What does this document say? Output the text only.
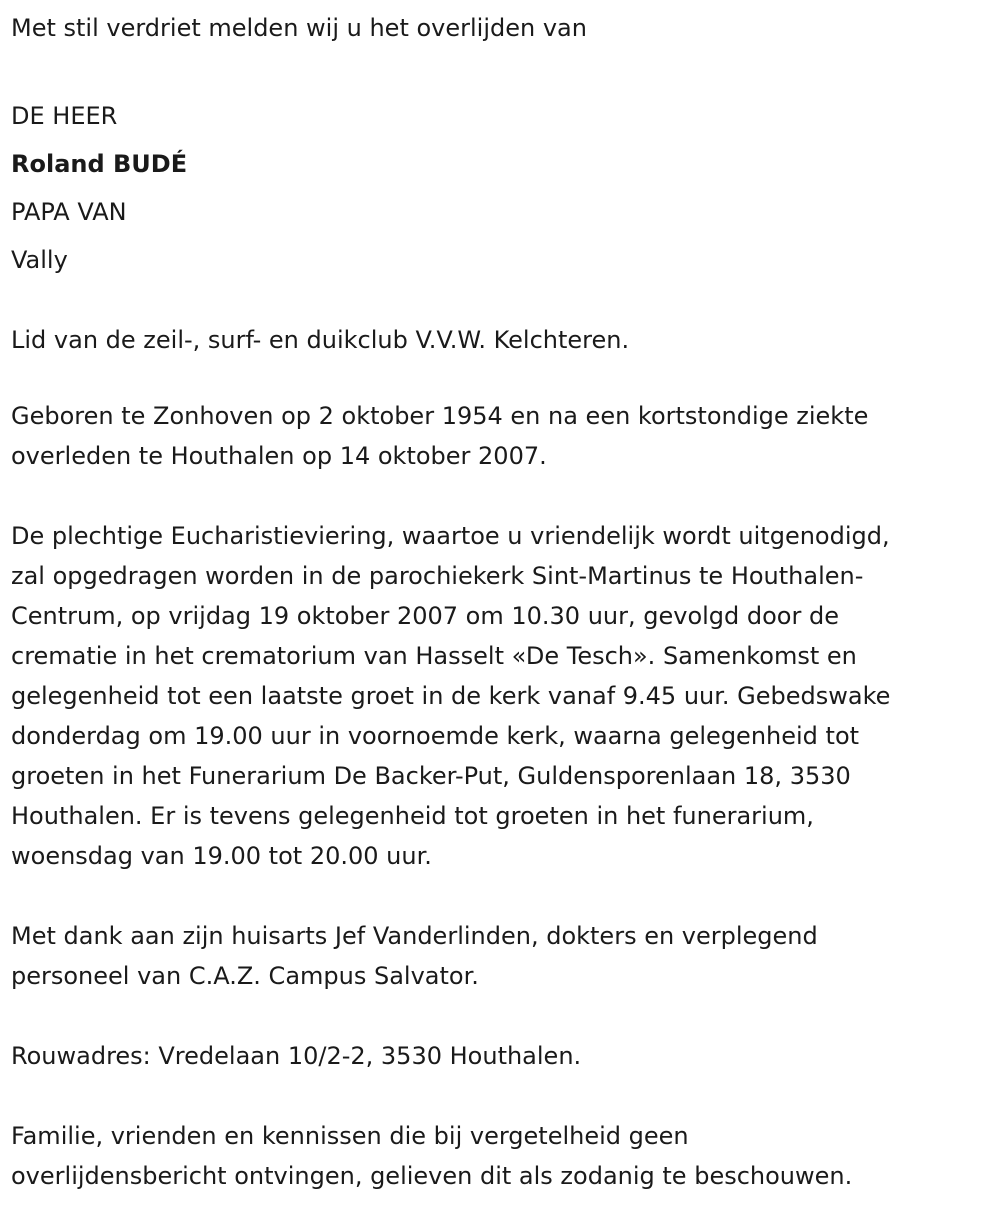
Met stil verdriet melden wij u het overlijden van
DE HEER
Roland BUDÉ
PAPA VAN
Vally
Lid van de zeil-, surf- en duikclub V.V.W. Kelchteren.
Geboren te Zonhoven op 2 oktober 1954 en na een kortstondige ziekte
overleden te Houthalen op 14 oktober 2007.
De plechtige Eucharistieviering, waartoe u vriendelijk wordt uitgenodigd,
zal opgedragen worden in de parochiekerk Sint-Martinus te Houthalen-
Centrum, op vrijdag 19 oktober 2007 om 10.30 uur, gevolgd door de
crematie in het crematorium van Hasselt «De Tesch». Samenkomst en
gelegenheid tot een laatste groet in de kerk vanaf 9.45 uur. Gebedswake
donderdag om 19.00 uur in voornoemde kerk, waarna gelegenheid tot
groeten in het Funerarium De Backer-Put, Guldensporenlaan 18, 3530
Houthalen. Er is tevens gelegenheid tot groeten in het funerarium,
woensdag van 19.00 tot 20.00 uur.
Met dank aan zijn huisarts Jef Vanderlinden, dokters en verplegend
personeel van C.A.Z. Campus Salvator.
Rouwadres: Vredelaan 10/2-2, 3530 Houthalen.
Familie, vrienden en kennissen die bij vergetelheid geen
overlijdensbericht ontvingen, gelieven dit als zodanig te beschouwen.
